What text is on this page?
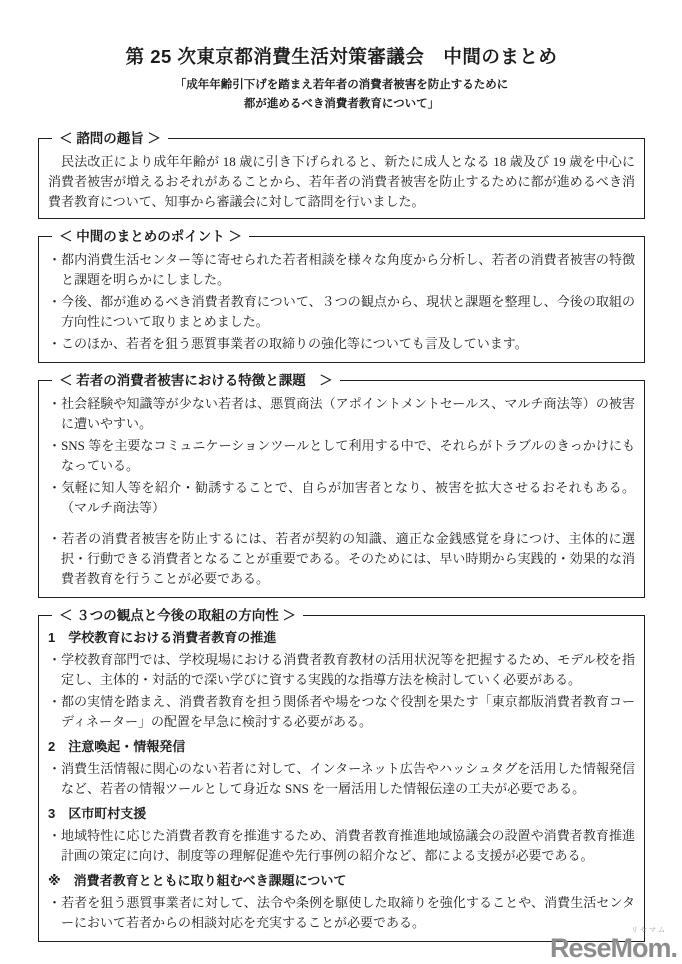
第 25 次東京都消費生活対策審議会　中間のまとめ
「成年年齢引下げを踏まえ若年者の消費者被害を防止するために
都が進めるべき消費者教育について」
＜ 諮問の趣旨 ＞

民法改正により成年年齢が 18 歳に引き下げられると、新たに成人となる 18 歳及び 19 歳を中心に消費者被害が増えるおそれがあることから、若年者の消費者被害を防止するために都が進めるべき消費者教育について、知事から審議会に対して諮問を行いました。

＜ 中間のまとめのポイント ＞
・都内消費生活センター等に寄せられた若者相談を様々な角度から分析し、若者の消費者被害の特徴と課題を明らかにしました。
・今後、都が進めるべき消費者教育について、３つの観点から、現状と課題を整理し、今後の取組の方向性について取りまとめました。
・このほか、若者を狙う悪質事業者の取締りの強化等についても言及しています。
＜ 若者の消費者被害における特徴と課題　＞
・社会経験や知識等が少ない若者は、悪質商法（アポイントメントセールス、マルチ商法等）の被害に遭いやすい。
・SNS 等を主要なコミュニケーションツールとして利用する中で、それらがトラブルのきっかけにもなっている。
・気軽に知人等を紹介・勧誘することで、自らが加害者となり、被害を拡大させるおそれもある。（マルチ商法等）
・若者の消費者被害を防止するには、若者が契約の知識、適正な金銭感覚を身につけ、主体的に選択・行動できる消費者となることが重要である。そのためには、早い時期から実践的・効果的な消費者教育を行うことが必要である。
＜ ３つの観点と今後の取組の方向性 ＞
1　学校教育における消費者教育の推進
・学校教育部門では、学校現場における消費者教育教材の活用状況等を把握するため、モデル校を指定し、主体的・対話的で深い学びに資する実践的な指導方法を検討していく必要がある。
・都の実情を踏まえ、消費者教育を担う関係者や場をつなぐ役割を果たす「東京都版消費者教育コーディネーター」の配置を早急に検討する必要がある。
2　注意喚起・情報発信
・消費生活情報に関心のない若者に対して、インターネット広告やハッシュタグを活用した情報発信など、若者の情報ツールとして身近な SNS を一層活用した情報伝達の工夫が必要である。
3　区市町村支援
・地域特性に応じた消費者教育を推進するため、消費者教育推進地域協議会の設置や消費者教育推進計画の策定に向け、制度等の理解促進や先行事例の紹介など、都による支援が必要である。
※　消費者教育とともに取り組むべき課題について
・若者を狙う悪質事業者に対して、法令や条例を駆使した取締りを強化することや、消費生活センターにおいて若者からの相談対応を充実することが必要である。
リセマム
ReseMom.
